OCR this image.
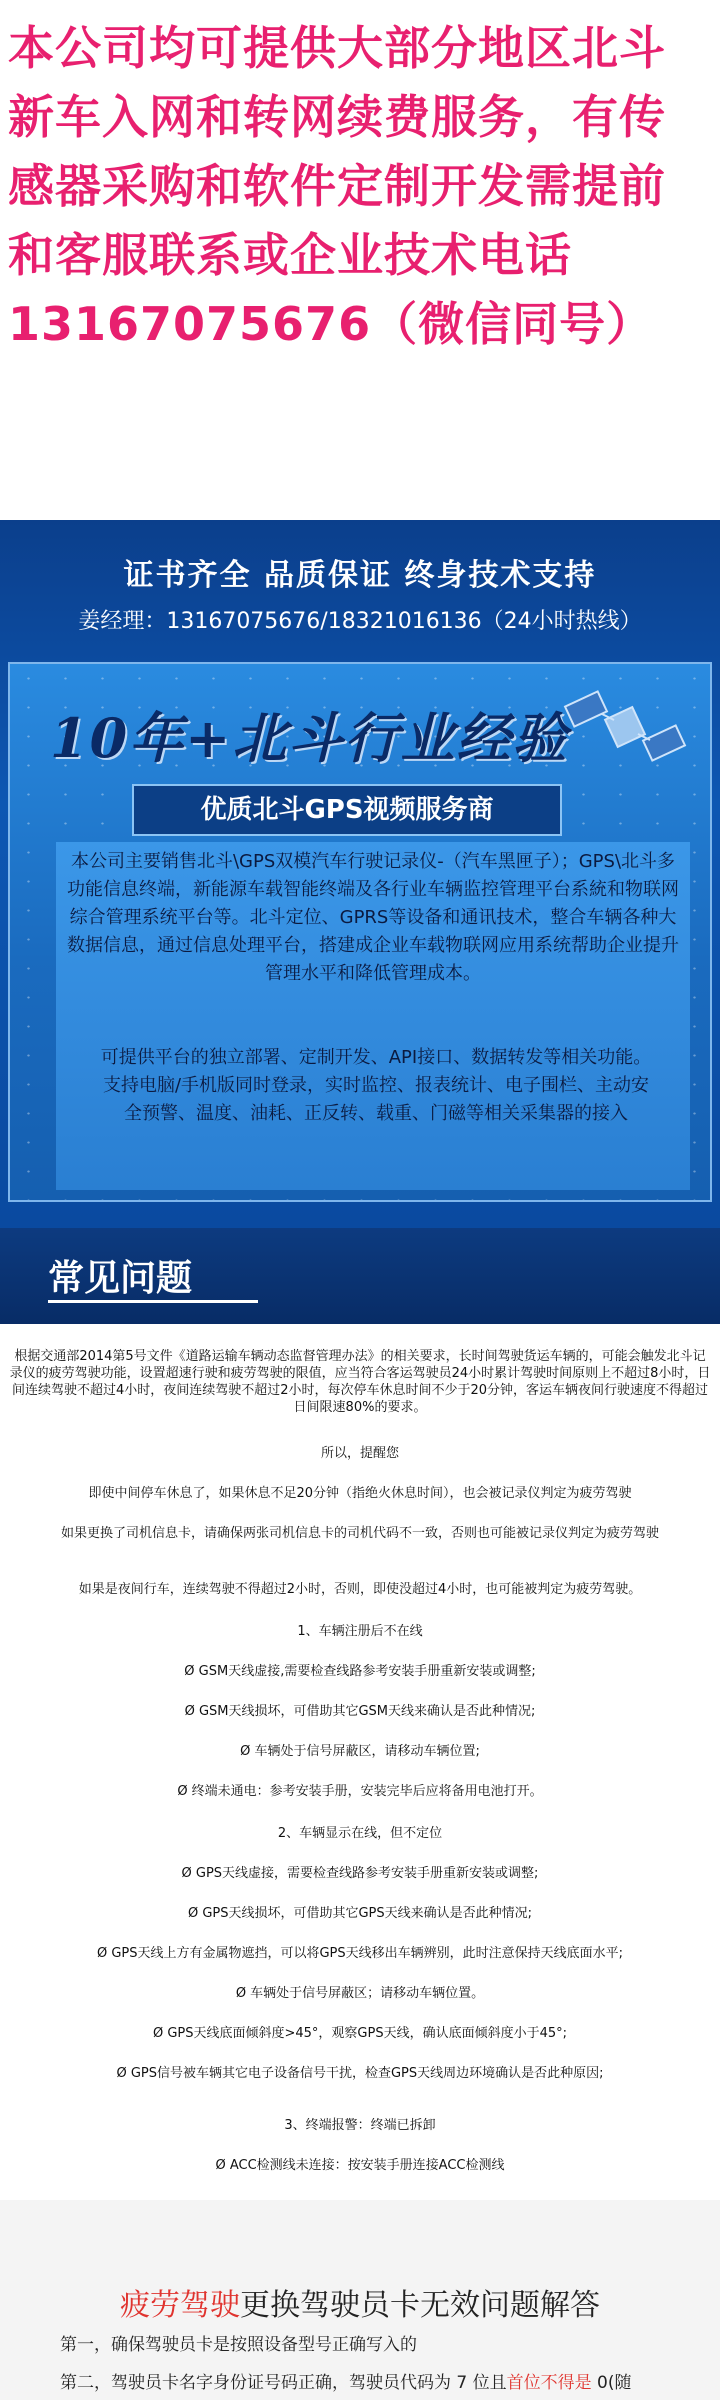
本公司均可提供大部分地区北斗新车入网和转网续费服务，有传感器采购和软件定制开发需提前和客服联系或企业技术电话13167075676（微信同号）
证书齐全 品质保证 终身技术支持
姜经理：13167075676/18321016136（24小时热线）
10年+北斗行业经验
优质北斗GPS视频服务商
本公司主要销售北斗\GPS双模汽车行驶记录仪-（汽车黑匣子）；GPS\北斗多功能信息终端，新能源车载智能终端及各行业车辆监控管理平台系統和物联网综合管理系统平台等。北斗定位、GPRS等设备和通讯技术，整合车辆各种大数据信息，通过信息处理平台，搭建成企业车载物联网应用系统帮助企业提升管理水平和降低管理成本。
可提供平台的独立部署、定制开发、API接口、数据转发等相关功能。支持电脑/手机版同时登录，实时监控、报表统计、电子围栏、主动安全预警、温度、油耗、正反转、载重、门磁等相关采集器的接入
常见问题
根据交通部2014第5号文件《道路运输车辆动态监督管理办法》的相关要求，长时间驾驶货运车辆的，可能会触发北斗记录仪的疲劳驾驶功能，设置超速行驶和疲劳驾驶的限值，应当符合客运驾驶员24小时累计驾驶时间原则上不超过8小时，日间连续驾驶不超过4小时，夜间连续驾驶不超过2小时，每次停车休息时间不少于20分钟，客运车辆夜间行驶速度不得超过日间限速80%的要求。
所以，提醒您
即使中间停车休息了，如果休息不足20分钟（指绝火休息时间），也会被记录仪判定为疲劳驾驶
如果更换了司机信息卡，请确保两张司机信息卡的司机代码不一致，否则也可能被记录仪判定为疲劳驾驶
如果是夜间行车，连续驾驶不得超过2小时，否则，即使没超过4小时，也可能被判定为疲劳驾驶。
1、车辆注册后不在线
Ø GSM天线虚接,需要检查线路参考安装手册重新安装或调整;
Ø GSM天线损坏，可借助其它GSM天线来确认是否此种情况;
Ø 车辆处于信号屏蔽区，请移动车辆位置;
Ø 终端未通电：参考安装手册，安装完毕后应将备用电池打开。
2、车辆显示在线，但不定位
Ø GPS天线虚接，需要检查线路参考安装手册重新安装或调整;
Ø GPS天线损坏，可借助其它GPS天线来确认是否此种情况;
Ø GPS天线上方有金属物遮挡，可以将GPS天线移出车辆辨别，此时注意保持天线底面水平;
Ø 车辆处于信号屏蔽区；请移动车辆位置。
Ø GPS天线底面倾斜度>45°，观察GPS天线，确认底面倾斜度小于45°;
Ø GPS信号被车辆其它电子设备信号干扰，检查GPS天线周边环境确认是否此种原因;
3、终端报警：终端已拆卸
Ø ACC检测线未连接：按安装手册连接ACC检测线
疲劳驾驶更换驾驶员卡无效问题解答
第一，确保驾驶员卡是按照设备型号正确写入的
第二，驾驶员卡名字身份证号码正确，驾驶员代码为 7 位且首位不得是 0(随
